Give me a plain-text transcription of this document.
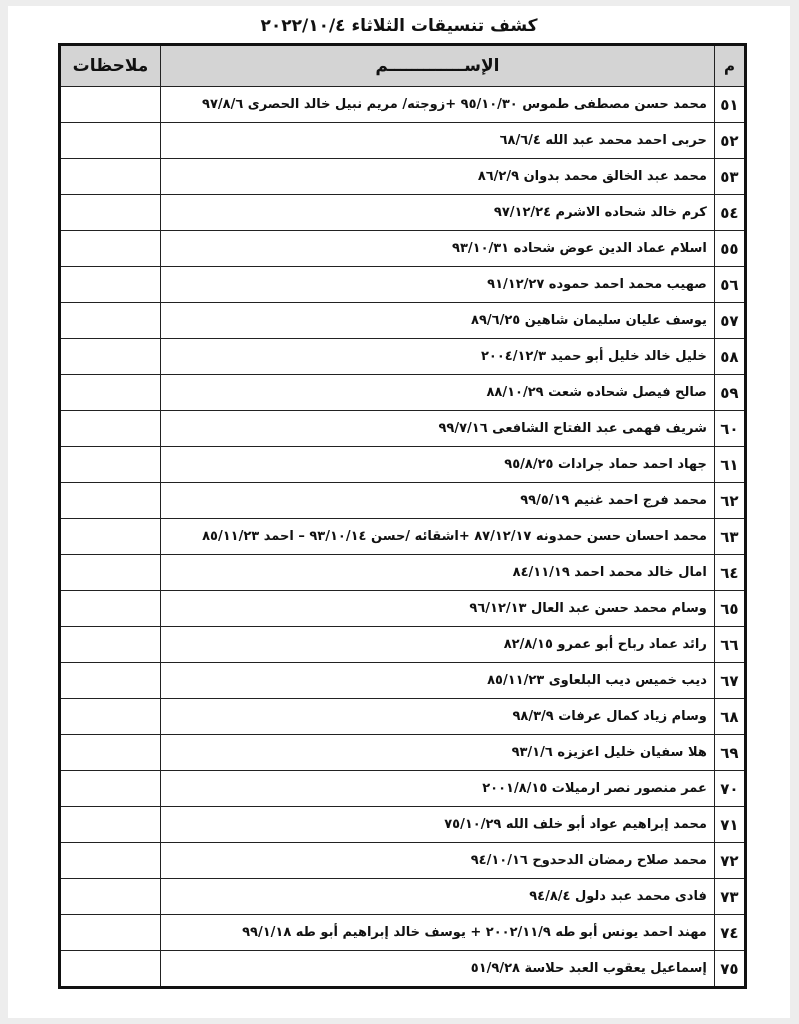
كشف تنسيقات الثلاثاء ٢٠٢٢/١٠/٤
م	الإســـــــــــــم	ملاحظات
٥١	محمد حسن مصطفى طموس ٩٥/١٠/٣٠ +زوجته/ مريم نبيل خالد الحصرى ٩٧/٨/٦	
٥٢	حربى احمد محمد عبد الله ٦٨/٦/٤	
٥٣	محمد عبد الخالق محمد بدوان ٨٦/٢/٩	
٥٤	كرم خالد شحاده الاشرم ٩٧/١٢/٢٤	
٥٥	اسلام عماد الدين عوض شحاده ٩٣/١٠/٣١	
٥٦	صهيب محمد احمد حموده ٩١/١٢/٢٧	
٥٧	يوسف عليان سليمان شاهين ٨٩/٦/٢٥	
٥٨	خليل خالد خليل أبو حميد ٢٠٠٤/١٢/٣	
٥٩	صالح فيصل شحاده شعت ٨٨/١٠/٢٩	
٦٠	شريف فهمى عبد الفتاح الشافعى ٩٩/٧/١٦	
٦١	جهاد احمد حماد جرادات ٩٥/٨/٢٥	
٦٢	محمد فرج احمد غنيم ٩٩/٥/١٩	
٦٣	محمد احسان حسن حمدونه ٨٧/١٢/١٧ +اشقائه /حسن ٩٣/١٠/١٤ – احمد ٨٥/١١/٢٣	
٦٤	امال خالد محمد احمد ٨٤/١١/١٩	
٦٥	وسام محمد حسن عبد العال ٩٦/١٢/١٣	
٦٦	رائد عماد رباح أبو عمرو ٨٢/٨/١٥	
٦٧	ديب خميس ديب البلعاوى ٨٥/١١/٢٣	
٦٨	وسام زياد كمال عرفات ٩٨/٣/٩	
٦٩	هلا سفيان خليل اعزيزه ٩٣/١/٦	
٧٠	عمر منصور نصر ارميلات ٢٠٠١/٨/١٥	
٧١	محمد إبراهيم عواد أبو خلف الله ٧٥/١٠/٢٩	
٧٢	محمد صلاح رمضان الدحدوح ٩٤/١٠/١٦	
٧٣	فادى محمد عبد دلول ٩٤/٨/٤	
٧٤	مهند احمد يونس أبو طه ٢٠٠٢/١١/٩ + يوسف خالد إبراهيم أبو طه ٩٩/١/١٨	
٧٥	إسماعيل يعقوب العبد حلاسة ٥١/٩/٢٨	
